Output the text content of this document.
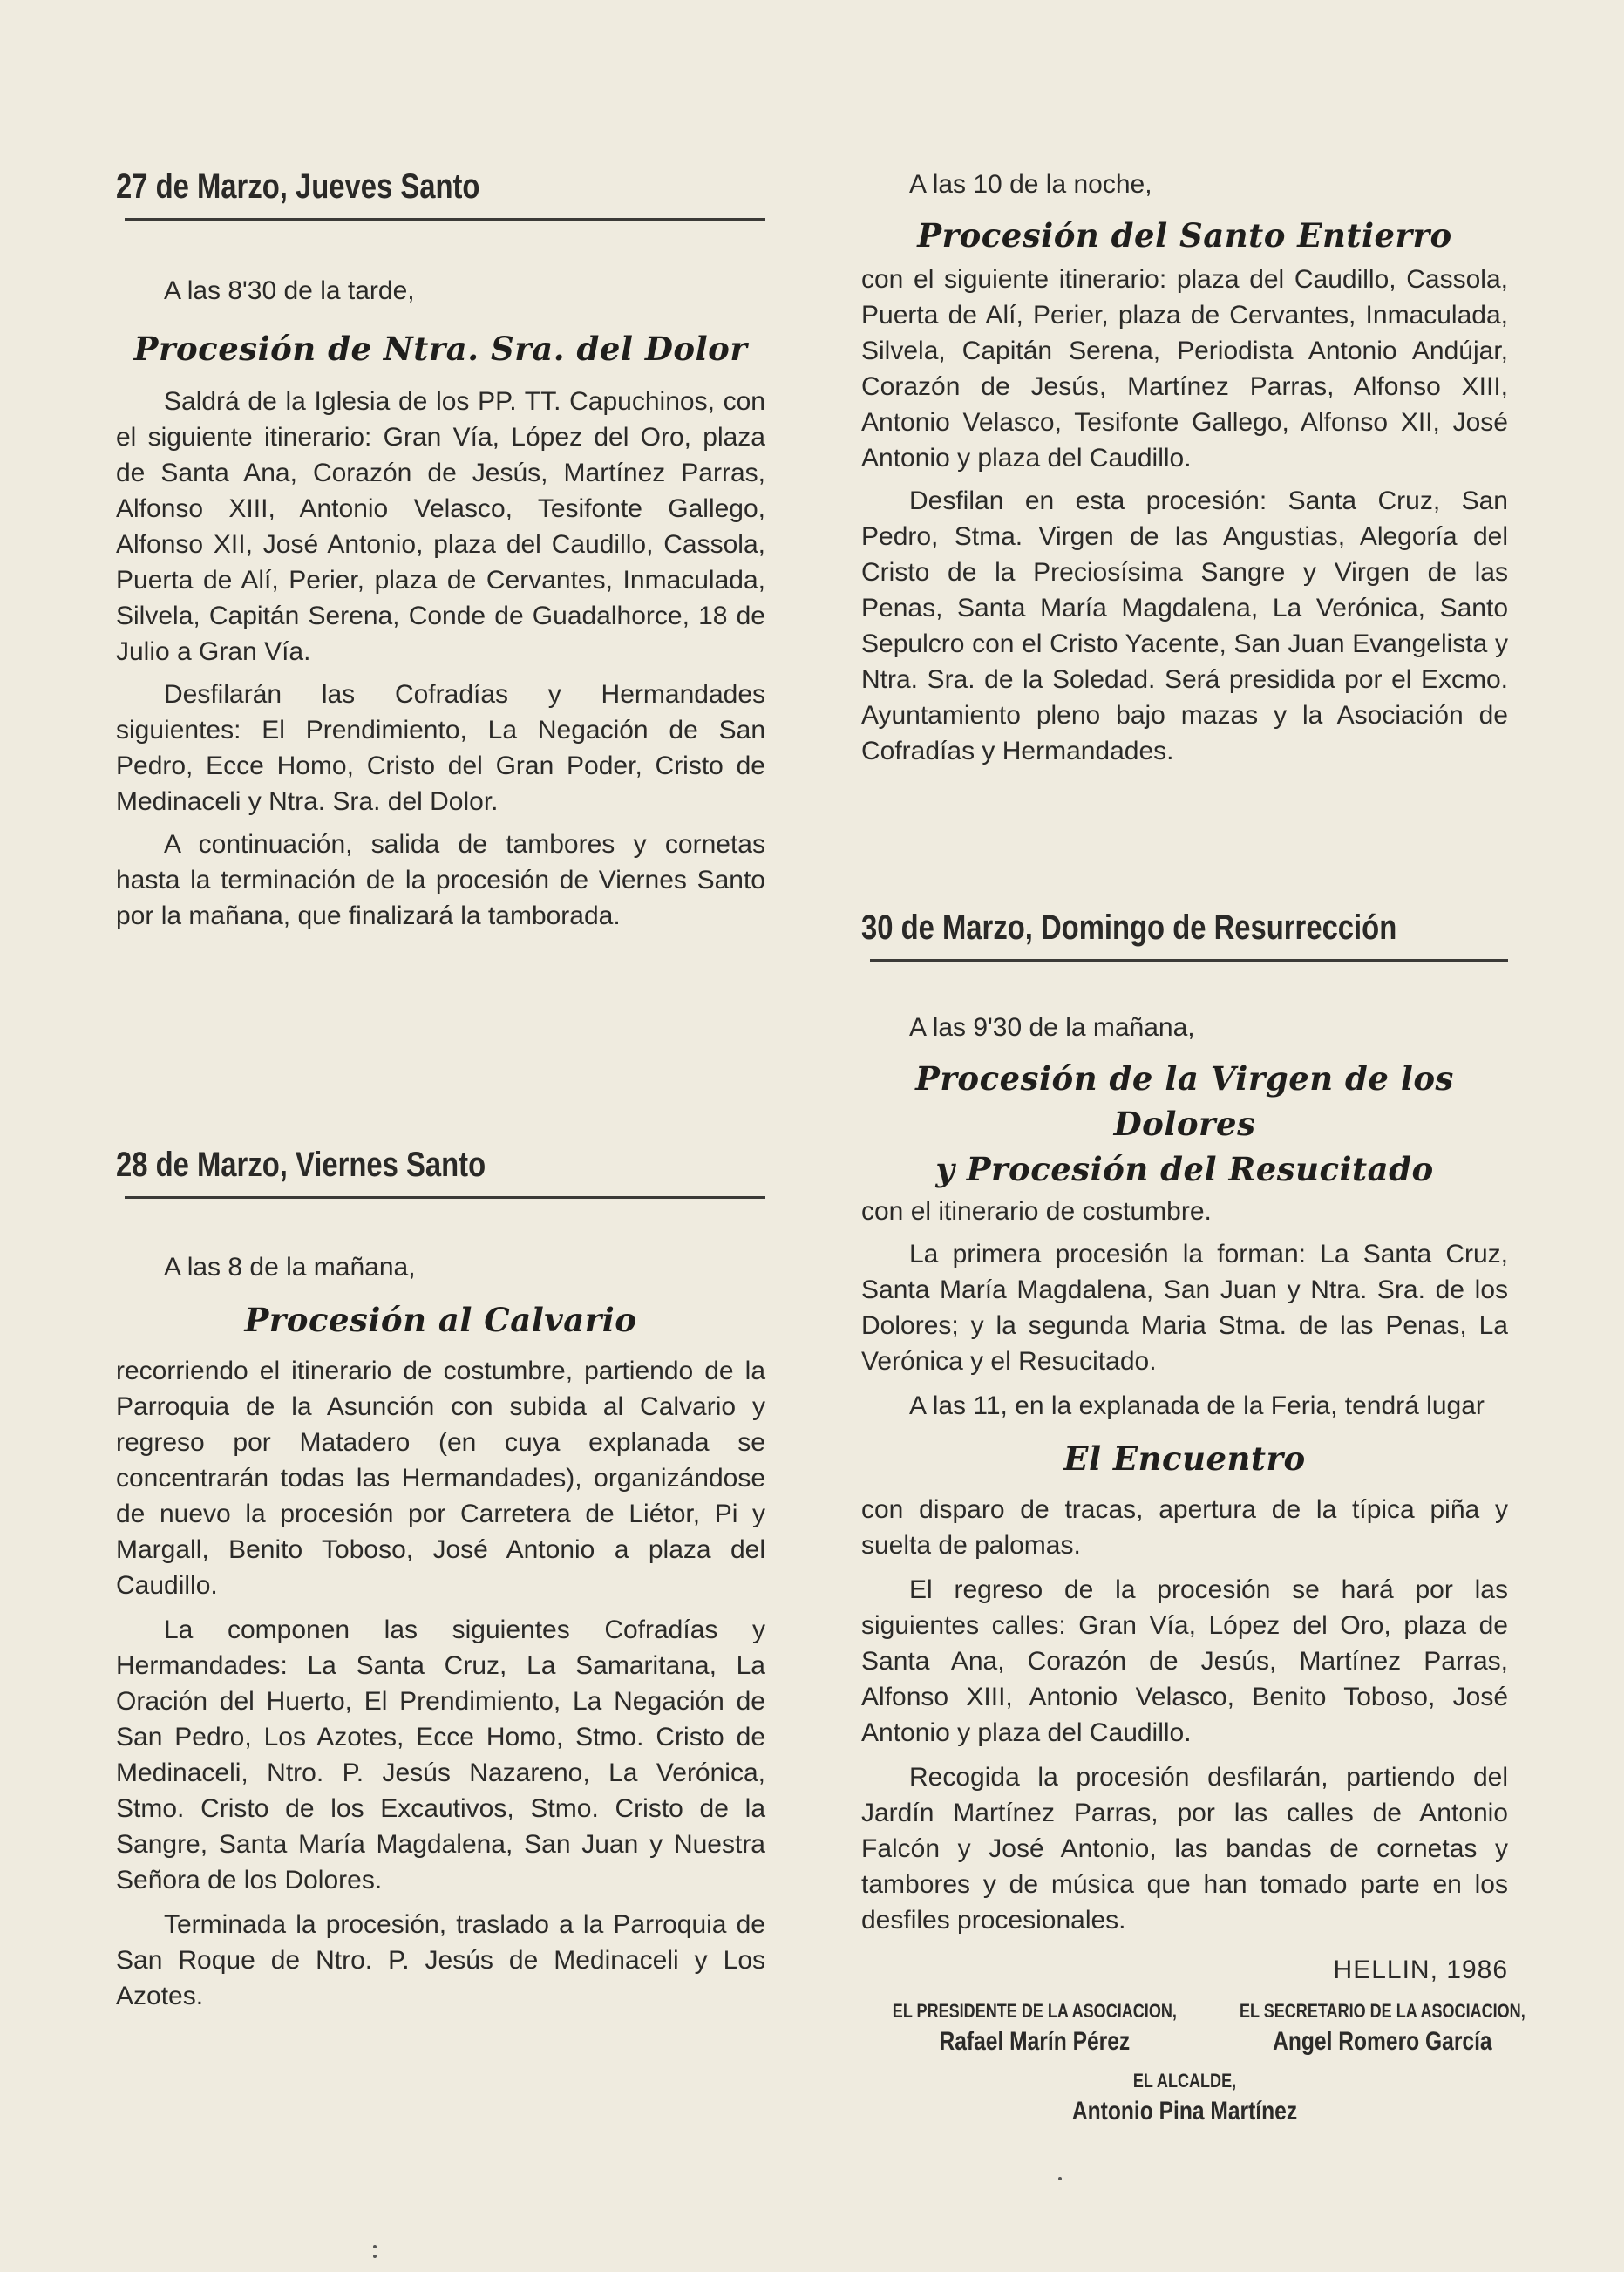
27 de Marzo, Jueves Santo
A las 8'30 de la tarde,
Procesión de Ntra. Sra. del Dolor

Saldrá de la Iglesia de los PP. TT. Capuchinos, con el siguiente itinerario: Gran Vía, López del Oro, plaza de Santa Ana, Corazón de Jesús, Martínez Parras, Alfonso XIII, Antonio Velasco, Tesifonte Gallego, Alfonso XII, José Antonio, plaza del Caudillo, Cassola, Puerta de Alí, Perier, plaza de Cervantes, Inmaculada, Silvela, Capitán Serena, Conde de Guadalhorce, 18 de Julio a Gran Vía.

Desfilarán las Cofradías y Hermandades siguientes: El Prendimiento, La Negación de San Pedro, Ecce Homo, Cristo del Gran Poder, Cristo de Medinaceli y Ntra. Sra. del Dolor.

A continuación, salida de tambores y cornetas hasta la terminación de la procesión de Viernes Santo por la mañana, que finalizará la tamborada.

28 de Marzo, Viernes Santo
A las 8 de la mañana,
Procesión al Calvario

recorriendo el itinerario de costumbre, partiendo de la Parroquia de la Asunción con subida al Calvario y regreso por Matadero (en cuya explanada se concentrarán todas las Hermandades), organizándose de nuevo la procesión por Carretera de Liétor, Pi y Margall, Benito Toboso, José Antonio a plaza del Caudillo.

La componen las siguientes Cofradías y Hermandades: La Santa Cruz, La Samaritana, La Oración del Huerto, El Prendimiento, La Negación de San Pedro, Los Azotes, Ecce Homo, Stmo. Cristo de Medinaceli, Ntro. P. Jesús Nazareno, La Verónica, Stmo. Cristo de los Excautivos, Stmo. Cristo de la Sangre, Santa María Magdalena, San Juan y Nuestra Señora de los Dolores.

Terminada la procesión, traslado a la Parroquia de San Roque de Ntro. P. Jesús de Medinaceli y Los Azotes.

A las 10 de la noche,
Procesión del Santo Entierro

con el siguiente itinerario: plaza del Caudillo, Cassola, Puerta de Alí, Perier, plaza de Cervantes, Inmaculada, Silvela, Capitán Serena, Periodista Antonio Andújar, Corazón de Jesús, Martínez Parras, Alfonso XIII, Antonio Velasco, Tesifonte Gallego, Alfonso XII, José Antonio y plaza del Caudillo.

Desfilan en esta procesión: Santa Cruz, San Pedro, Stma. Virgen de las Angustias, Alegoría del Cristo de la Preciosísima Sangre y Virgen de las Penas, Santa María Magdalena, La Verónica, Santo Sepulcro con el Cristo Yacente, San Juan Evangelista y Ntra. Sra. de la Soledad. Será presidida por el Excmo. Ayuntamiento pleno bajo mazas y la Asociación de Cofradías y Hermandades.

30 de Marzo, Domingo de Resurrección
A las 9'30 de la mañana,
Procesión de la Virgen de los Dolores
y Procesión del Resucitado

con el itinerario de costumbre.

La primera procesión la forman: La Santa Cruz, Santa María Magdalena, San Juan y Ntra. Sra. de los Dolores; y la segunda Maria Stma. de las Penas, La Verónica y el Resucitado.

A las 11, en la explanada de la Feria, tendrá lugar

El Encuentro

con disparo de tracas, apertura de la típica piña y suelta de palomas.

El regreso de la procesión se hará por las siguientes calles: Gran Vía, López del Oro, plaza de Santa Ana, Corazón de Jesús, Martínez Parras, Alfonso XIII, Antonio Velasco, Benito Toboso, José Antonio y plaza del Caudillo.

Recogida la procesión desfilarán, partiendo del Jardín Martínez Parras, por las calles de Antonio Falcón y José Antonio, las bandas de cornetas y tambores y de música que han tomado parte en los desfiles procesionales.

HELLIN, 1986
EL PRESIDENTE DE LA ASOCIACION,
Rafael Marín Pérez
EL SECRETARIO DE LA ASOCIACION,
Angel Romero García
EL ALCALDE,
Antonio Pina Martínez
